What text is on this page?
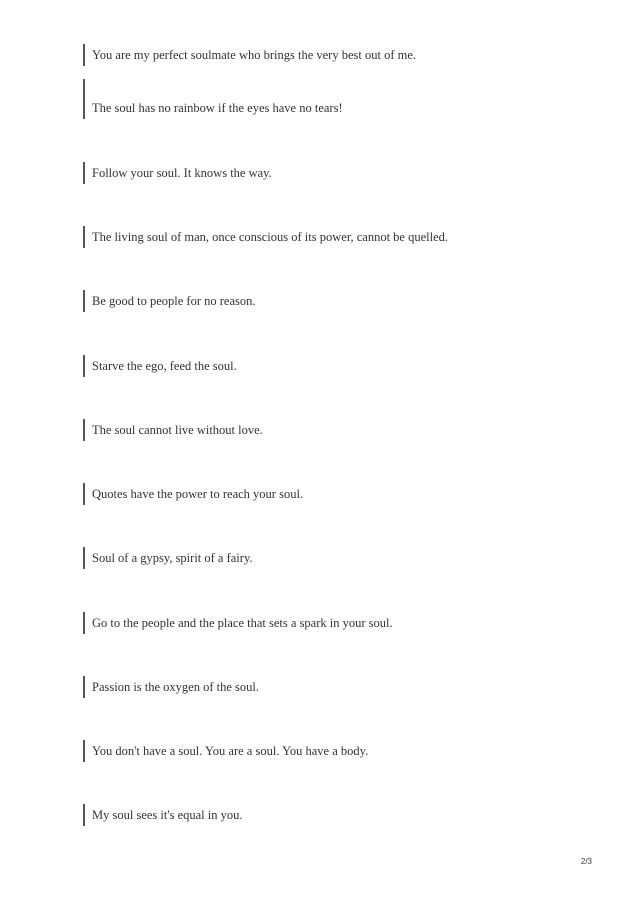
You are my perfect soulmate who brings the very best out of me.
The soul has no rainbow if the eyes have no tears!
Follow your soul. It knows the way.
The living soul of man, once conscious of its power, cannot be quelled.
Be good to people for no reason.
Starve the ego, feed the soul.
The soul cannot live without love.
Quotes have the power to reach your soul.
Soul of a gypsy, spirit of a fairy.
Go to the people and the place that sets a spark in your soul.
Passion is the oxygen of the soul.
You don't have a soul. You are a soul. You have a body.
My soul sees it's equal in you.
2/3
